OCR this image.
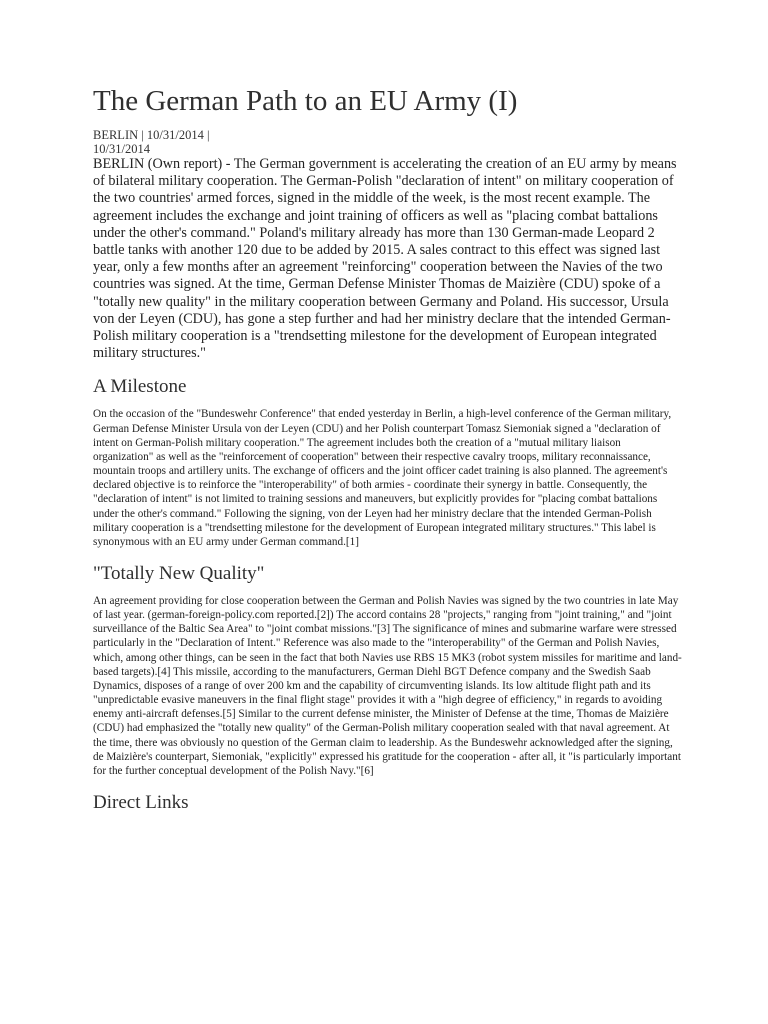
The German Path to an EU Army (I)
BERLIN | 10/31/2014 |
10/31/2014

BERLIN (Own report) - The German government is accelerating the creation of an EU army by means of bilateral military cooperation. The German-Polish "declaration of intent" on military cooperation of the two countries' armed forces, signed in the middle of the week, is the most recent example. The agreement includes the exchange and joint training of officers as well as "placing combat battalions under the other's command." Poland's military already has more than 130 German-made Leopard 2 battle tanks with another 120 due to be added by 2015. A sales contract to this effect was signed last year, only a few months after an agreement "reinforcing" cooperation between the Navies of the two countries was signed. At the time, German Defense Minister Thomas de Maizière (CDU) spoke of a "totally new quality" in the military cooperation between Germany and Poland. His successor, Ursula von der Leyen (CDU), has gone a step further and had her ministry declare that the intended German-Polish military cooperation is a "trendsetting milestone for the development of European integrated military structures."

A Milestone

On the occasion of the "Bundeswehr Conference" that ended yesterday in Berlin, a high-level conference of the German military, German Defense Minister Ursula von der Leyen (CDU) and her Polish counterpart Tomasz Siemoniak signed a "declaration of intent on German-Polish military cooperation." The agreement includes both the creation of a "mutual military liaison organization" as well as the "reinforcement of cooperation" between their respective cavalry troops, military reconnaissance, mountain troops and artillery units. The exchange of officers and the joint officer cadet training is also planned. The agreement's declared objective is to reinforce the "interoperability" of both armies - coordinate their synergy in battle. Consequently, the "declaration of intent" is not limited to training sessions and maneuvers, but explicitly provides for "placing combat battalions under the other's command." Following the signing, von der Leyen had her ministry declare that the intended German-Polish military cooperation is a "trendsetting milestone for the development of European integrated military structures." This label is synonymous with an EU army under German command.[1]

"Totally New Quality"

An agreement providing for close cooperation between the German and Polish Navies was signed by the two countries in late May of last year. (german-foreign-policy.com reported.[2]) The accord contains 28 "projects," ranging from "joint training," and "joint surveillance of the Baltic Sea Area" to "joint combat missions."[3] The significance of mines and submarine warfare were stressed particularly in the "Declaration of Intent." Reference was also made to the "interoperability" of the German and Polish Navies, which, among other things, can be seen in the fact that both Navies use RBS 15 MK3 (robot system missiles for maritime and land-based targets).[4] This missile, according to the manufacturers, German Diehl BGT Defence company and the Swedish Saab Dynamics, disposes of a range of over 200 km and the capability of circumventing islands. Its low altitude flight path and its "unpredictable evasive maneuvers in the final flight stage" provides it with a "high degree of efficiency," in regards to avoiding enemy anti-aircraft defenses.[5] Similar to the current defense minister, the Minister of Defense at the time, Thomas de Maizière (CDU) had emphasized the "totally new quality" of the German-Polish military cooperation sealed with that naval agreement. At the time, there was obviously no question of the German claim to leadership. As the Bundeswehr acknowledged after the signing, de Maizière's counterpart, Siemoniak, "explicitly" expressed his gratitude for the cooperation - after all, it "is particularly important for the further conceptual development of the Polish Navy."[6]

Direct Links
